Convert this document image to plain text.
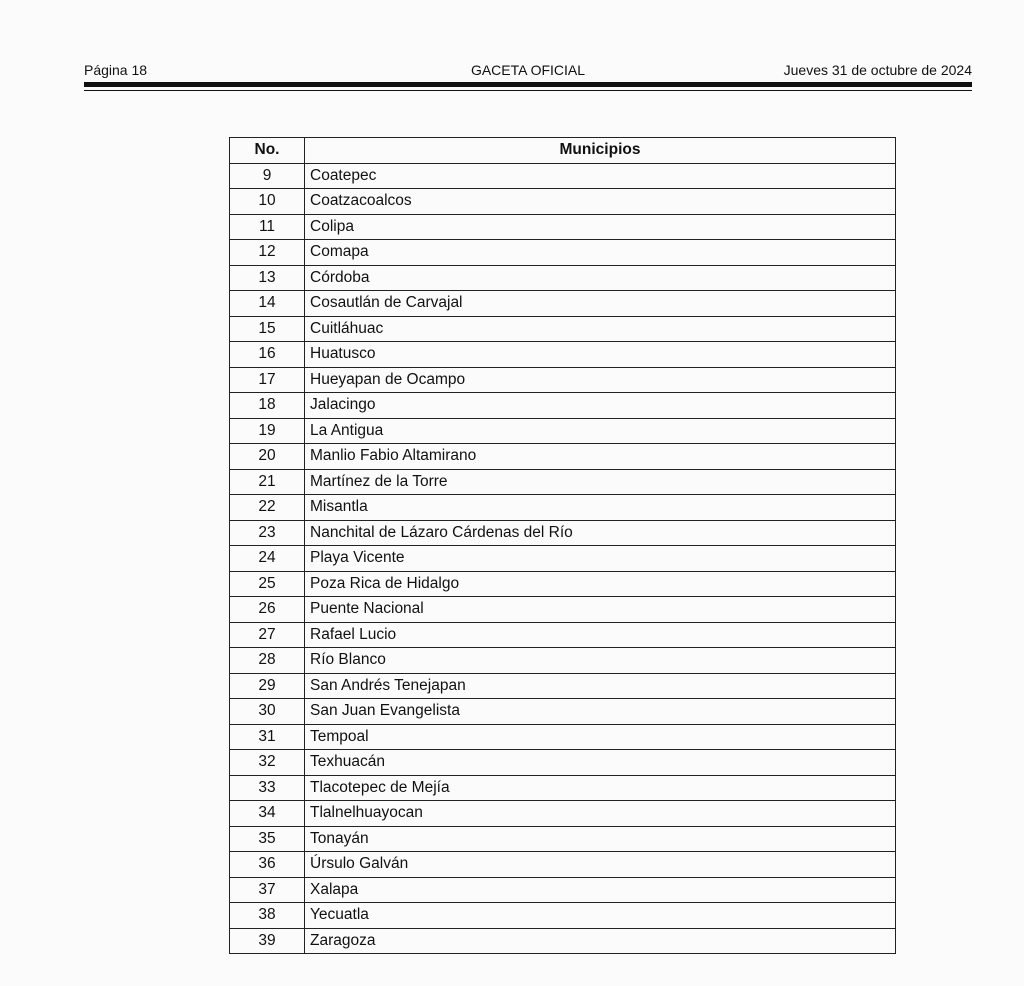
Página 18	GACETA OFICIAL	Jueves 31 de octubre de 2024
No.	Municipios
9	Coatepec
10	Coatzacoalcos
11	Colipa
12	Comapa
13	Córdoba
14	Cosautlán de Carvajal
15	Cuitláhuac
16	Huatusco
17	Hueyapan de Ocampo
18	Jalacingo
19	La Antigua
20	Manlio Fabio Altamirano
21	Martínez de la Torre
22	Misantla
23	Nanchital de Lázaro Cárdenas del Río
24	Playa Vicente
25	Poza Rica de Hidalgo
26	Puente Nacional
27	Rafael Lucio
28	Río Blanco
29	San Andrés Tenejapan
30	San Juan Evangelista
31	Tempoal
32	Texhuacán
33	Tlacotepec de Mejía
34	Tlalnelhuayocan
35	Tonayán
36	Úrsulo Galván
37	Xalapa
38	Yecuatla
39	Zaragoza
